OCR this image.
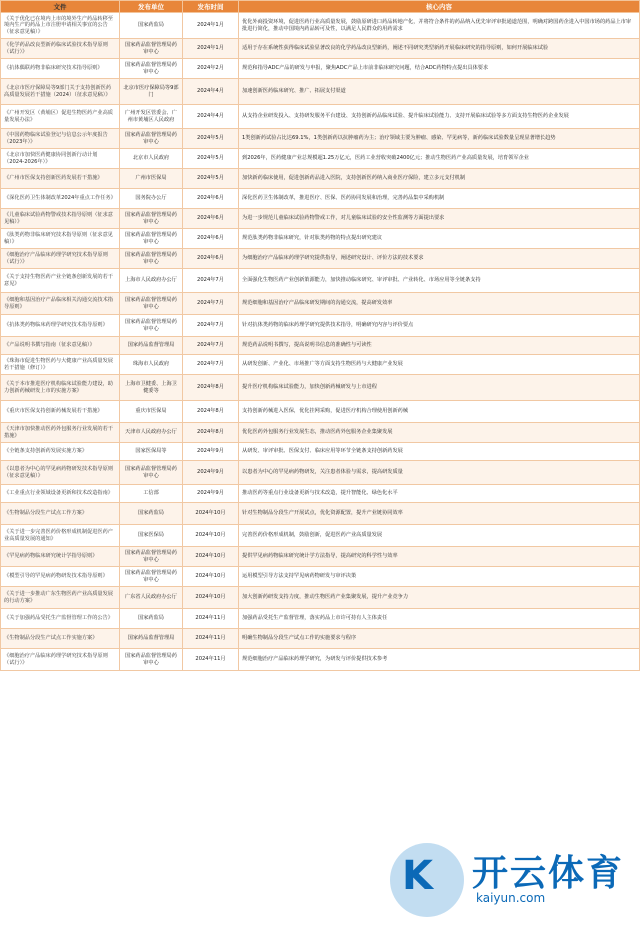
文件	发布单位	发布时间	核心内容
《关于优化已在境内上市的境外生产药品转移至境内生产的药品上市注册申请相关事宜的公告（征求意见稿）》	国家药监局	2024年1月	优化外商投资环境，促进医药行业高质量发展，鼓励原研进口药品转地产化，并将符合条件的药品纳入优先审评审批通道范围，明确对跨国药企进入中国市场的药品上市审批进行简化，推动中国境内药品转可及性，以满足人民群众的用药需求
《化学药品改良型新药临床试验技术指导原则（试行）》	国家药品监督管理局药审中心	2024年1月	适用于存在系统性获得临床试验显著改良的化学药品改良型新药，阐述不同研究类型新药开展临床研究的指导原则，如何开展临床试验
《抗体偶联药物非临床研究技术指导原则》	国家药品监督管理局药审中心	2024年2月	规范和指导ADC产品的研发与申报，聚焦ADC产品上市前非临床研究问题，结合ADC药物特点提出具体要求
《北京市医疗保障局等9部门关于支持创新医药高质量发展若干措施（2024）（征求意见稿）》	北京市医疗保障局等9部门	2024年4月	加速创新医药临床研究、推广、拓展支付渠道
《广州开发区（黄埔区）促进生物医药产业高质量发展办法》	广州开发区管委会、广州市黄埔区人民政府	2024年4月	从支持企业研发投入、支持研发服务平台建设、支持创新药品临床试验、提升临床试验能力、支持开展临床试验等多方面支持生物医药企业发展
《中国药物临床试验登记与信息公示年度报告（2023年）》	国家药品监督管理局药审中心	2024年5月	1类创新药试验占比达69.1%，1类创新药以抗肿瘤药为主；治疗领域主要为肿瘤、感染、罕见病等，新药临床试验数量呈现显著增长趋势
《北京市加快医药健康协同创新行动计划（2024-2026年）》	北京市人民政府	2024年5月	到2026年，医药健康产业总规模超1.25万亿元，医药工业营收突破2400亿元；推动生物医药产业高质量发展，培育领军企业
《广州市医保支持创新医药发展若干措施》	广州市医保局	2024年5月	加快新药临床使用，促进创新药品进入医院，支持创新医药纳入商业医疗保险，建立多元支付机制
《深化医药卫生体制改革2024年重点工作任务》	国务院办公厅	2024年6月	深化医药卫生体制改革，推进医疗、医保、医药协同发展和治理，完善药品集中采购机制
《儿童临床试验药物警戒技术指导原则（征求意见稿）》	国家药品监督管理局药审中心	2024年6月	为进一步规范儿童临床试验药物警戒工作，对儿童临床试验的安全性监测等方面提出要求
《肽类药物非临床研究技术指导原则（征求意见稿）》	国家药品监督管理局药审中心	2024年6月	规范肽类药物非临床研究，针对肽类药物的特点提出研究建议
《细胞治疗产品临床药理学研究技术指导原则（试行）》	国家药品监督管理局药审中心	2024年6月	为细胞治疗产品临床药理学研究提供指导，阐述研究设计、评价方法的技术要求
《关于支持生物医药产业全链条创新发展的若干意见》	上海市人民政府办公厅	2024年7月	全面强化生物医药产业创新策源能力，加快推动临床研究、审评审批、产业转化、市场应用等全链条支持
《细胞和基因治疗产品临床相关沟通交流技术指导原则》	国家药品监督管理局药审中心	2024年7月	规范细胞和基因治疗产品临床研发期间的沟通交流，提高研发效率
《抗体类药物临床药理学研究技术指导原则》	国家药品监督管理局药审中心	2024年7月	针对抗体类药物的临床药理学研究提供技术指导，明确研究内容与评价要点
《产品说明书撰写指南（征求意见稿）》	国家药品监督管理局	2024年7月	规范药品说明书撰写，提高说明书信息的准确性与可读性
《珠海市促进生物医药与大健康产业高质量发展若干措施（修订）》	珠海市人民政府	2024年7月	从研发创新、产业化、市场推广等方面支持生物医药与大健康产业发展
《关于本市推进医疗机构临床试验能力建设，助力创新药械研发上市的实施方案》	上海市卫健委、上海卫健委等	2024年8月	提升医疗机构临床试验能力，加快创新药械研发与上市进程
《重庆市医保支持创新药械发展若干措施》	重庆市医保局	2024年8月	支持创新药械进入医保，优化挂网采购，促进医疗机构合理使用创新药械
《天津市加快推动医药外包服务行业发展的若干措施》	天津市人民政府办公厅	2024年8月	优化医药外包服务行业发展生态，推动医药外包服务企业集聚发展
《全链条支持创新药发展实施方案》	国家医保局等	2024年9月	从研发、审评审批、医保支付、临床应用等环节全链条支持创新药发展
《以患者为中心的罕见病药物研发技术指导原则（征求意见稿）》	国家药品监督管理局药审中心	2024年9月	以患者为中心的罕见病药物研发，关注患者体验与需求，提高研发质量
《工业重点行业领域设备更新和技术改造指南》	工信部	2024年9月	推动医药等重点行业设备更新与技术改造，提升智能化、绿色化水平
《生物制品分段生产试点工作方案》	国家药监局	2024年10月	针对生物制品分段生产开展试点，优化资源配置，提升产业链协同效率
《关于进一步完善医药价格形成机制促进医药产业高质量发展的通知》	国家医保局	2024年10月	完善医药价格形成机制，鼓励创新，促进医药产业高质量发展
《罕见病药物临床研究统计学指导原则》	国家药品监督管理局药审中心	2024年10月	提供罕见病药物临床研究统计学方法指导，提高研究的科学性与效率
《模型引导的罕见病药物研发技术指导原则》	国家药品监督管理局药审中心	2024年10月	运用模型引导方法支持罕见病药物研发与审评决策
《关于进一步推动广东生物医药产业高质量发展的行动方案》	广东省人民政府办公厅	2024年10月	加大创新药研发支持力度，推动生物医药产业集聚发展，提升产业竞争力
《关于加强药品受托生产监督管理工作的公告》	国家药监局	2024年11月	加强药品受托生产监督管理，落实药品上市许可持有人主体责任
《生物制品分段生产试点工作实施方案》	国家药品监督管理局	2024年11月	明确生物制品分段生产试点工作的实施要求与程序
《细胞治疗产品临床药理学研究技术指导原则（试行）》	国家药品监督管理局药审中心	2024年11月	规范细胞治疗产品临床药理学研究，为研发与评价提供技术参考
K 开云体育
kaiyun.com
